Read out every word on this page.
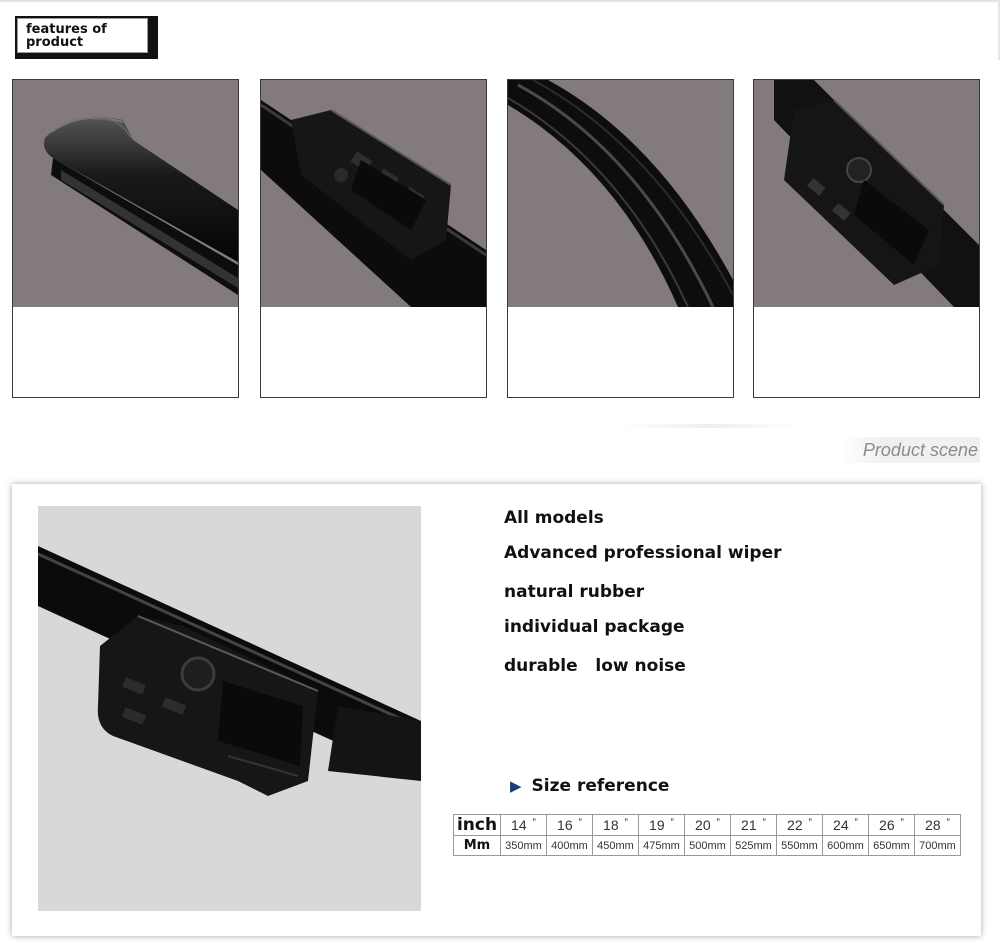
features of product
Product scene
All models
Advanced professional wiper
natural rubber
individual package
durable   low noise
▶ Size reference
inch	14 “	16 “	18 “	19 “	20 “	21 “	22 “	24 “	26 “	28 “
Mm	350mm	400mm	450mm	475mm	500mm	525mm	550mm	600mm	650mm	700mm
